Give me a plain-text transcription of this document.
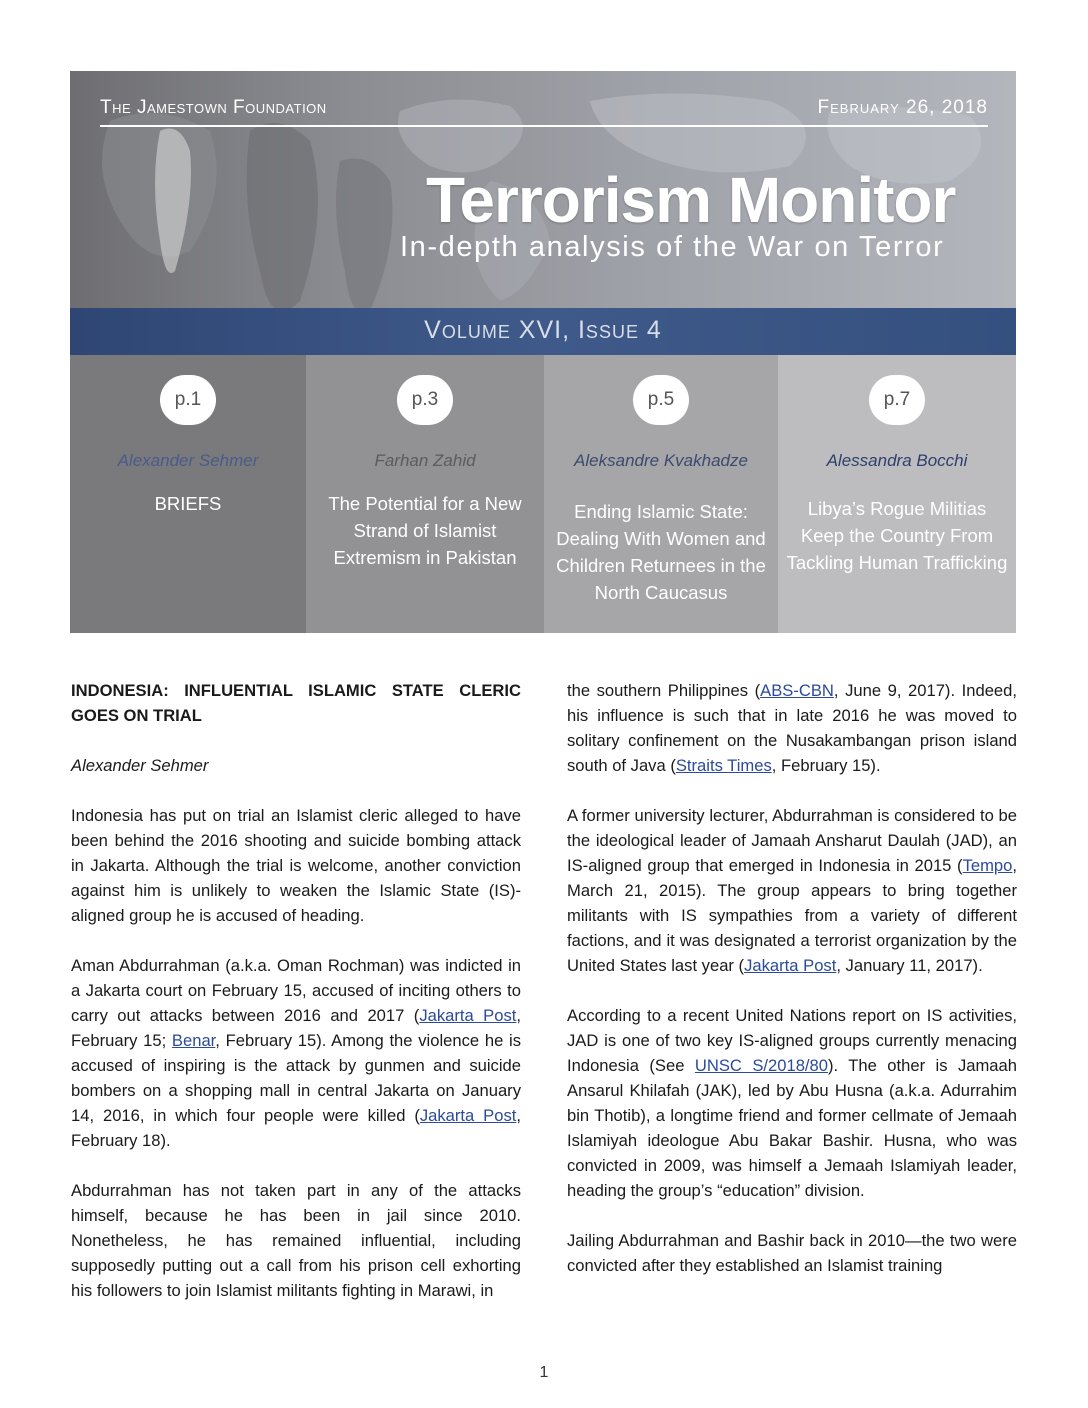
The Jamestown Foundation	February 26, 2018
Terrorism Monitor
In-depth analysis of the War on Terror
Volume XVI, Issue 4
p.1
Alexander Sehmer
BRIEFS
p.3
Farhan Zahid
The Potential for a New Strand of Islamist Extremism in Pakistan
p.5
Aleksandre Kvakhadze
Ending Islamic State: Dealing With Women and Children Returnees in the North Caucasus
p.7
Alessandra Bocchi
Libya’s Rogue Militias Keep the Country From Tackling Human Trafficking

INDONESIA: INFLUENTIAL ISLAMIC STATE CLERIC GOES ON TRIAL

Alexander Sehmer

Indonesia has put on trial an Islamist cleric alleged to have been behind the 2016 shooting and suicide bombing attack in Jakarta. Although the trial is welcome, another conviction against him is unlikely to weaken the Islamic State (IS)-aligned group he is accused of heading.

Aman Abdurrahman (a.k.a. Oman Rochman) was indicted in a Jakarta court on February 15, accused of inciting others to carry out attacks between 2016 and 2017 (Jakarta Post, February 15; Benar, February 15). Among the violence he is accused of inspiring is the attack by gunmen and suicide bombers on a shopping mall in central Jakarta on January 14, 2016, in which four people were killed (Jakarta Post, February 18).

Abdurrahman has not taken part in any of the attacks himself, because he has been in jail since 2010. Nonetheless, he has remained influential, including supposedly putting out a call from his prison cell exhorting his followers to join Islamist militants fighting in Marawi, in

the southern Philippines (ABS-CBN, June 9, 2017). Indeed, his influence is such that in late 2016 he was moved to solitary confinement on the Nusakambangan prison island south of Java (Straits Times, February 15).

A former university lecturer, Abdurrahman is considered to be the ideological leader of Jamaah Ansharut Daulah (JAD), an IS-aligned group that emerged in Indonesia in 2015 (Tempo, March 21, 2015). The group appears to bring together militants with IS sympathies from a variety of different factions, and it was designated a terrorist organization by the United States last year (Jakarta Post, January 11, 2017).

According to a recent United Nations report on IS activities, JAD is one of two key IS-aligned groups currently menacing Indonesia (See UNSC S/2018/80). The other is Jamaah Ansarul Khilafah (JAK), led by Abu Husna (a.k.a. Adurrahim bin Thotib), a longtime friend and former cellmate of Jemaah Islamiyah ideologue Abu Bakar Bashir. Husna, who was convicted in 2009, was himself a Jemaah Islamiyah leader, heading the group’s “education” division.

Jailing Abdurrahman and Bashir back in 2010—the two were convicted after they established an Islamist training

1
